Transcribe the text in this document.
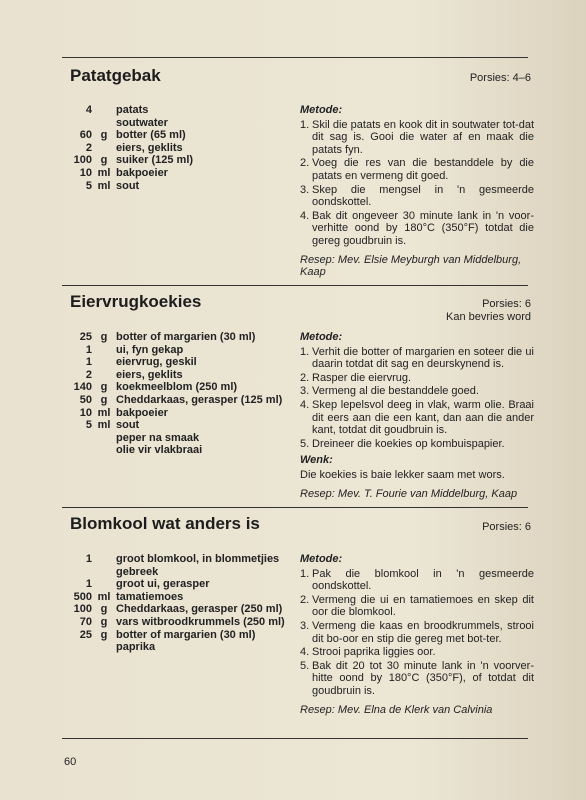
Patatgebak	Porsies: 4–6
4 patats
soutwater
60 g botter (65 ml)
2 eiers, geklits
100 g suiker (125 ml)
10 ml bakpoeier
5 ml sout
Metode:
1. Skil die patats en kook dit in soutwater tot-dat dit sag is. Gooi die water af en maak die patats fyn.
2. Voeg die res van die bestanddele by die patats en vermeng dit goed.
3. Skep die mengsel in 'n gesmeerde oondskottel.
4. Bak dit ongeveer 30 minute lank in 'n voor-verhitte oond by 180°C (350°F) totdat die gereg goudbruin is.
Resep: Mev. Elsie Meyburgh van Middelburg, Kaap
Eiervrugkoekies	Porsies: 6
Kan bevries word
25 g botter of margarien (30 ml)
1 ui, fyn gekap
1 eiervrug, geskil
2 eiers, geklits
140 g koekmeelblom (250 ml)
50 g Cheddarkaas, gerasper (125 ml)
10 ml bakpoeier
5 ml sout
peper na smaak
olie vir vlakbraai
Metode:
1. Verhit die botter of margarien en soteer die ui daarin totdat dit sag en deurskynend is.
2. Rasper die eiervrug.
3. Vermeng al die bestanddele goed.
4. Skep lepelsvol deeg in vlak, warm olie. Braai dit eers aan die een kant, dan aan die ander kant, totdat dit goudbruin is.
5. Dreineer die koekies op kombuispapier.
Wenk:
Die koekies is baie lekker saam met wors.
Resep: Mev. T. Fourie van Middelburg, Kaap
Blomkool wat anders is	Porsies: 6
1 groot blomkool, in blommetjies gebreek
1 groot ui, gerasper
500 ml tamatiemoes
100 g Cheddarkaas, gerasper (250 ml)
70 g vars witbroodkrummels (250 ml)
25 g botter of margarien (30 ml)
paprika
Metode:
1. Pak die blomkool in 'n gesmeerde oondskottel.
2. Vermeng die ui en tamatiemoes en skep dit oor die blomkool.
3. Vermeng die kaas en broodkrummels, strooi dit bo-oor en stip die gereg met bot-ter.
4. Strooi paprika liggies oor.
5. Bak dit 20 tot 30 minute lank in 'n voorver-hitte oond by 180°C (350°F), of totdat dit goudbruin is.
Resep: Mev. Elna de Klerk van Calvinia
60
